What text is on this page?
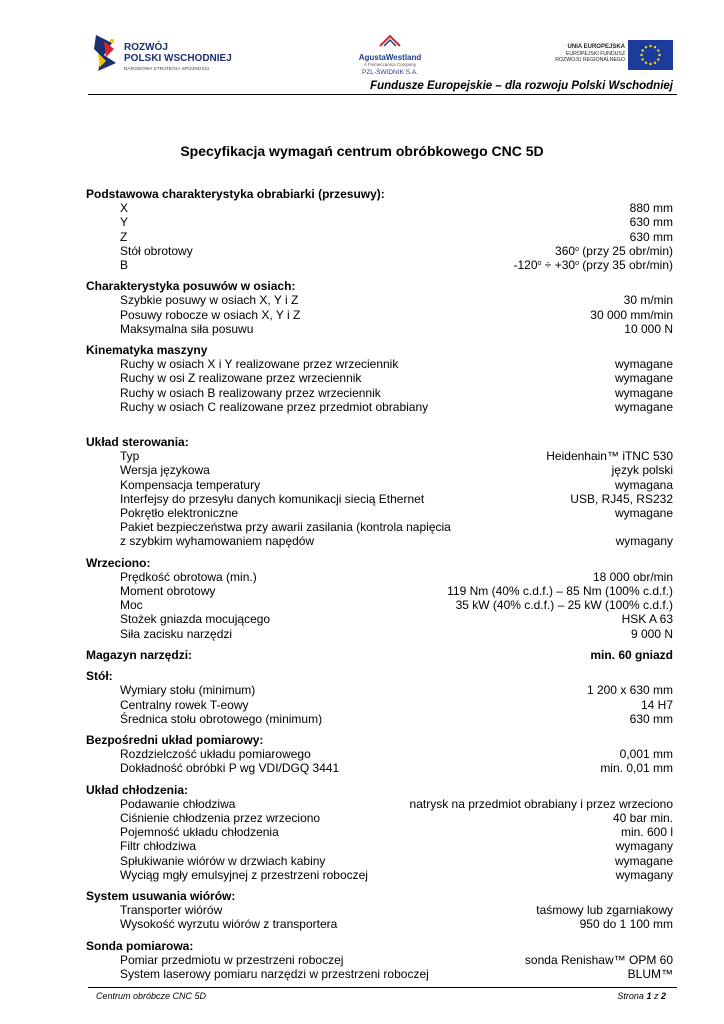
ROZWÓJ
POLSKI WSCHODNIEJ
NARODOWA STRATEGIA SPÓJNOŚCI
AgustaWestland
A Finmeccanica Company
PZL-ŚWIDNIK S.A.
UNIA EUROPEJSKA
EUROPEJSKI FUNDUSZ
ROZWOJU REGIONALNEGO
Fundusze Europejskie – dla rozwoju Polski Wschodniej
Specyfikacja wymagań centrum obróbkowego CNC 5D
Podstawowa charakterystyka obrabiarki (przesuwy):
X	880 mm
Y	630 mm
Z	630 mm
Stół obrotowy	360$^o$ (przy 25 obr/min)
B	$-120^o \div +30^o$ (przy 35 obr/min)
Charakterystyka posuwów w osiach:
Szybkie posuwy w osiach X, Y i Z	30 m/min
Posuwy robocze w osiach X, Y i Z	30 000 mm/min
Maksymalna siła posuwu	10 000 N
Kinematyka maszyny
Ruchy w osiach X i Y realizowane przez wrzeciennik	wymagane
Ruchy w osi Z realizowane przez wrzeciennik	wymagane
Ruchy w osiach B realizowany przez wrzeciennik	wymagane
Ruchy w osiach C realizowane przez przedmiot obrabiany	wymagane
Układ sterowania:
Typ	Heidenhain™ iTNC 530
Wersja językowa	język polski
Kompensacja temperatury	wymagana
Interfejsy do przesyłu danych komunikacji siecią Ethernet	USB, RJ45, RS232
Pokrętło elektroniczne	wymagane
Pakiet bezpieczeństwa przy awarii zasilania (kontrola napięcia
z szybkim wyhamowaniem napędów	wymagany
Wrzeciono:
Prędkość obrotowa (min.)	18 000 obr/min
Moment obrotowy	119 Nm (40% c.d.f.) – 85 Nm (100% c.d.f.)
Moc	35 kW (40% c.d.f.) – 25 kW (100% c.d.f.)
Stożek gniazda mocującego	HSK A 63
Siła zacisku narzędzi	9 000 N
Magazyn narzędzi:	min. 60 gniazd
Stół:
Wymiary stołu (minimum)	1 200 x 630 mm
Centralny rowek T-eowy	14 H7
Średnica stołu obrotowego (minimum)	630 mm
Bezpośredni układ pomiarowy:
Rozdzielczość układu pomiarowego	0,001 mm
Dokładność obróbki P wg VDI/DGQ 3441	min. 0,01 mm
Układ chłodzenia:
Podawanie chłodziwa	natrysk na przedmiot obrabiany i przez wrzeciono
Ciśnienie chłodzenia przez wrzeciono	40 bar min.
Pojemność układu chłodzenia	min. 600 l
Filtr chłodziwa	wymagany
Spłukiwanie wiórów w drzwiach kabiny	wymagane
Wyciąg mgły emulsyjnej z przestrzeni roboczej	wymagany
System usuwania wiórów:
Transporter wiórów	taśmowy lub zgarniakowy
Wysokość wyrzutu wiórów z transportera	950 do 1 100 mm
Sonda pomiarowa:
Pomiar przedmiotu w przestrzeni roboczej	sonda Renishaw™ OPM 60
System laserowy pomiaru narzędzi w przestrzeni roboczej	BLUM™
Centrum obróbcze CNC 5D	Strona 1 z 2
